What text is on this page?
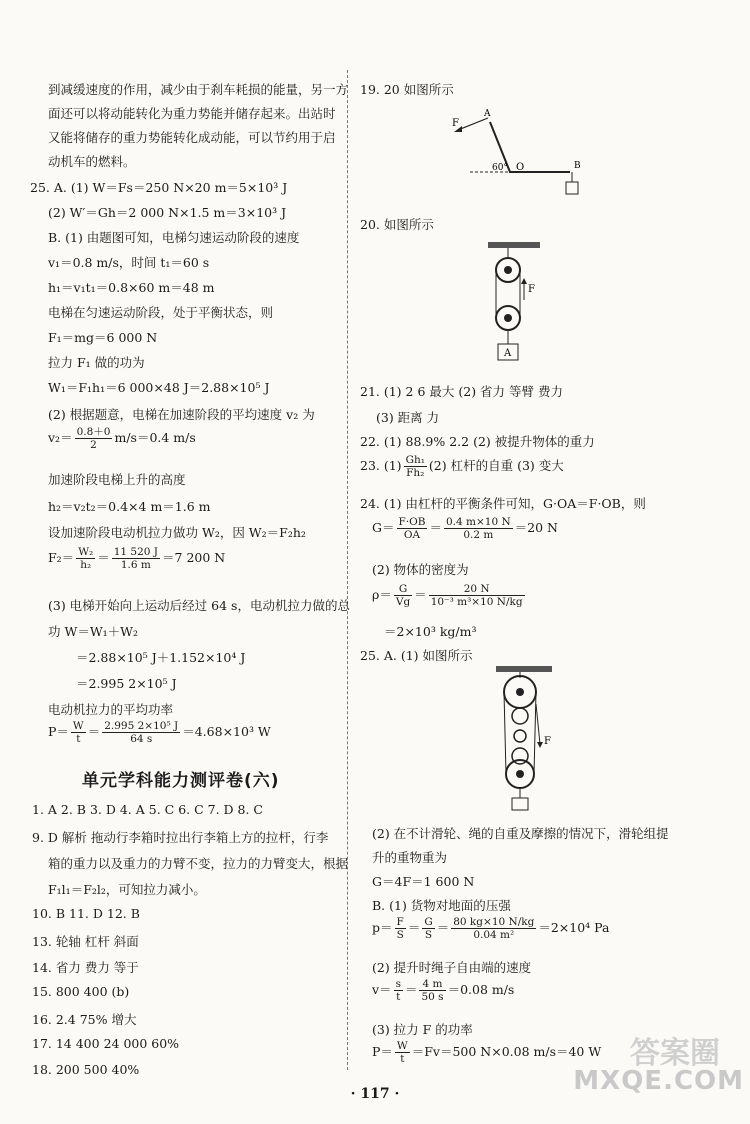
到减缓速度的作用，减少由于刹车耗损的能量，另一方
面还可以将动能转化为重力势能并储存起来。出站时
又能将储存的重力势能转化成动能，可以节约用于启
动机车的燃料。
25. A. (1) W＝Fs＝250 N×20 m＝5×10³ J
(2) W′＝Gh＝2 000 N×1.5 m＝3×10³ J
B. (1) 由题图可知，电梯匀速运动阶段的速度
v₁＝0.8 m/s，时间 t₁＝60 s
h₁＝v₁t₁＝0.8×60 m＝48 m
电梯在匀速运动阶段，处于平衡状态，则
F₁＝mg＝6 000 N
拉力 F₁ 做的功为
W₁＝F₁h₁＝6 000×48 J＝2.88×10⁵ J
(2) 根据题意，电梯在加速阶段的平均速度 v₂ 为
$v_2= \frac{0.8+0}{2} m/s=0.4$ m/s
加速阶段电梯上升的高度
h₂＝v₂t₂＝0.4×4 m＝1.6 m
设加速阶段电动机拉力做功 W₂，因 W₂＝F₂h₂
$F_2= \frac{\text{W₂}}{\text{h₂}} = \frac{11 520 J}{1.6 m} =7$ 200 N
(3) 电梯开始向上运动后经过 64 s，电动机拉力做的总
功 W＝W₁＋W₂
＝2.88×10⁵ J＋1.152×10⁴ J
＝2.995 2×10⁵ J
电动机拉力的平均功率
$P= \frac{W}{t} = \frac{\text{2.995 2×10⁵ J}}{64 s} =4.68\times 10^3$ W
单元学科能力测评卷(六)
1. A 2. B 3. D 4. A 5. C 6. C 7. D 8. C
9. D 解析 拖动行李箱时拉出行李箱上方的拉杆，行李
箱的重力以及重力的力臂不变，拉力的力臂变大，根据
F₁l₁＝F₂l₂，可知拉力减小。
10. B 11. D 12. B
13. 轮轴 杠杆 斜面
14. 省力 费力 等于
15. 800 400 (b)
16. 2.4 75% 增大
17. 14 400 24 000 60%
18. 200 500 40%
19. 20 如图所示
F
A
O	B
60°
20. 如图所示
F
A
21. (1) 2 6 最大 (2) 省力 等臂 费力
(3) 距离 力
22. (1) 88.9% 2.2 (2) 被提升物体的重力
23. $(1) \frac{\text{Gh₁}}{\text{Fh₂}} (2)$ 杠杆的自重 (3) 变大
24. (1) 由杠杆的平衡条件可知，G·OA＝F·OB，则
$G= \frac{F\cdot OB}{OA} = \frac{0.4 m\times 10 N}{0.2 m} =20$ N
(2) 物体的密度为
$\rho= \frac{G}{Vg} = \frac{20 N}{\text{10⁻³ m³×10 N/kg}}$
＝2×10³ kg/m³
25. A. (1) 如图所示
F
(2) 在不计滑轮、绳的自重及摩擦的情况下，滑轮组提
升的重物重为
G＝4F＝1 600 N
B. (1) 货物对地面的压强
$p= \frac{F}{S} = \frac{G}{S} = \frac{80 kg\times 10 N/kg}{\text{0.04 m²}} =2\times 10^4$ Pa
(2) 提升时绳子自由端的速度
$v= \frac{s}{t} = \frac{4 m}{50 s} =0.08$ m/s
(3) 拉力 F 的功率
$P= \frac{W}{t} =Fv=500$ N×0.08 m/s＝40 W
· 117 ·
答案圈
MXQE.COM
